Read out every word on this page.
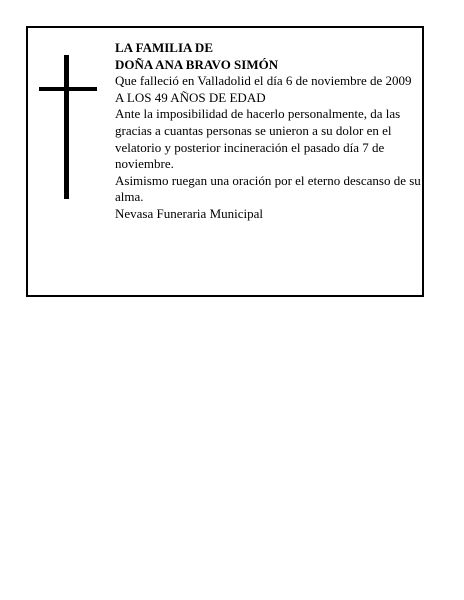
LA FAMILIA DE

DOÑA ANA BRAVO SIMÓN

Que falleció en Valladolid el día 6 de noviembre de 2009

A LOS 49 AÑOS DE EDAD

Ante la imposibilidad de hacerlo personalmente, da las gracias a cuantas personas se unieron a su dolor en el velatorio y posterior incineración el pasado día 7 de noviembre.

Asimismo ruegan una oración por el eterno descanso de su alma.

Nevasa Funeraria Municipal
